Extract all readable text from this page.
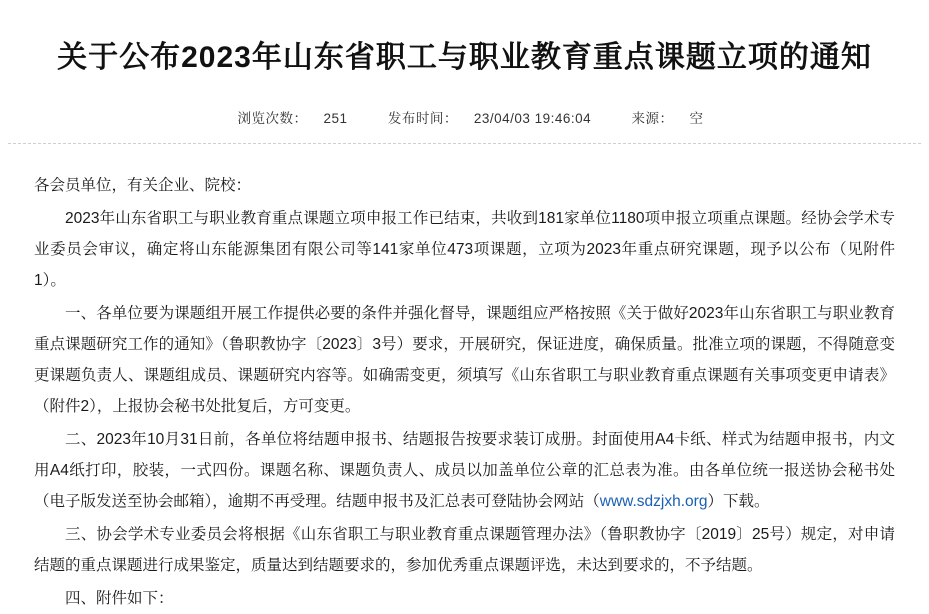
关于公布2023年山东省职工与职业教育重点课题立项的通知
浏览次数： 251	发布时间： 23/04/03 19:46:04	来源： 空

各会员单位，有关企业、院校：

2023年山东省职工与职业教育重点课题立项申报工作已结束，共收到181家单位1180项申报立项重点课题。经协会学术专业委员会审议，确定将山东能源集团有限公司等141家单位473项课题，立项为2023年重点研究课题，现予以公布（见附件1）。

一、各单位要为课题组开展工作提供必要的条件并强化督导，课题组应严格按照《关于做好2023年山东省职工与职业教育重点课题研究工作的通知》（鲁职教协字〔2023〕3号）要求，开展研究，保证进度，确保质量。批准立项的课题，不得随意变更课题负责人、课题组成员、课题研究内容等。如确需变更，须填写《山东省职工与职业教育重点课题有关事项变更申请表》（附件2），上报协会秘书处批复后，方可变更。

二、2023年10月31日前，各单位将结题申报书、结题报告按要求装订成册。封面使用A4卡纸、样式为结题申报书，内文用A4纸打印，胶装，一式四份。课题名称、课题负责人、成员以加盖单位公章的汇总表为准。由各单位统一报送协会秘书处（电子版发送至协会邮箱），逾期不再受理。结题申报书及汇总表可登陆协会网站（www.sdzjxh.org）下载。

三、协会学术专业委员会将根据《山东省职工与职业教育重点课题管理办法》（鲁职教协字〔2019〕25号）规定，对申请结题的重点课题进行成果鉴定，质量达到结题要求的，参加优秀重点课题评选，未达到要求的，不予结题。

四、附件如下：
